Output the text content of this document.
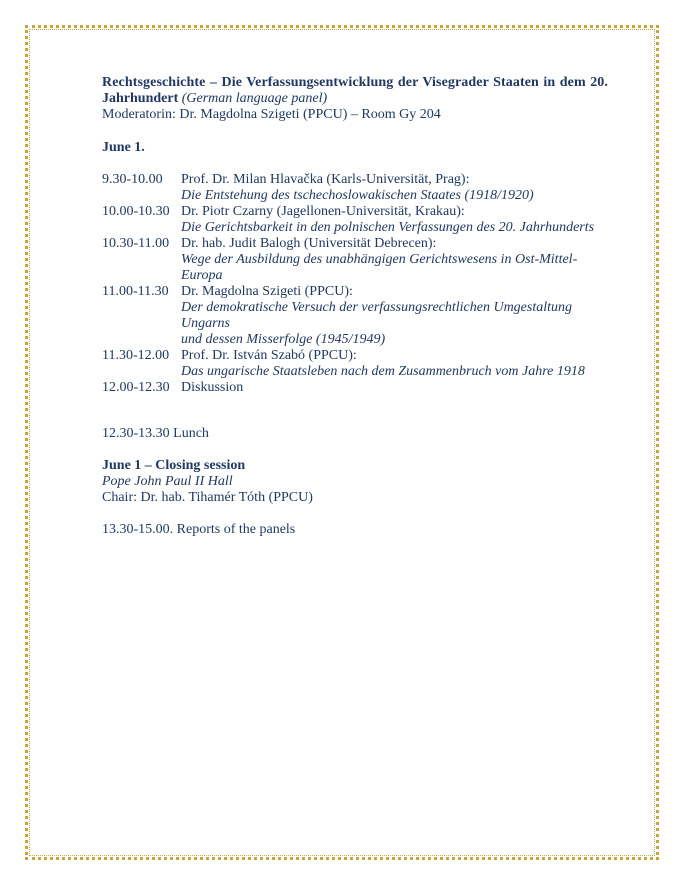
Rechtsgeschichte – Die Verfassungsentwicklung der Visegrader Staaten in dem 20.
Jahrhundert (German language panel)
Moderatorin: Dr. Magdolna Szigeti (PPCU) – Room Gy 204
June 1.
9.30-10.00	Prof. Dr. Milan Hlavačka (Karls-Universität, Prag):
Die Entstehung des tschechoslowakischen Staates (1918/1920)
10.00-10.30 Dr. Piotr Czarny (Jagellonen-Universität, Krakau):
Die Gerichtsbarkeit in den polnischen Verfassungen des 20. Jahrhunderts
10.30-11.00 Dr. hab. Judit Balogh (Universität Debrecen):
Wege der Ausbildung des unabhängigen Gerichtswesens in Ost-Mittel-Europa
11.00-11.30 Dr. Magdolna Szigeti (PPCU):
Der demokratische Versuch der verfassungsrechtlichen Umgestaltung Ungarns
und dessen Misserfolge (1945/1949)
11.30-12.00 Prof. Dr. István Szabó (PPCU):
Das ungarische Staatsleben nach dem Zusammenbruch vom Jahre 1918
12.00-12.30 Diskussion
12.30-13.30 Lunch
June 1 – Closing session
Pope John Paul II Hall
Chair: Dr. hab. Tihamér Tóth (PPCU)
13.30-15.00. Reports of the panels
